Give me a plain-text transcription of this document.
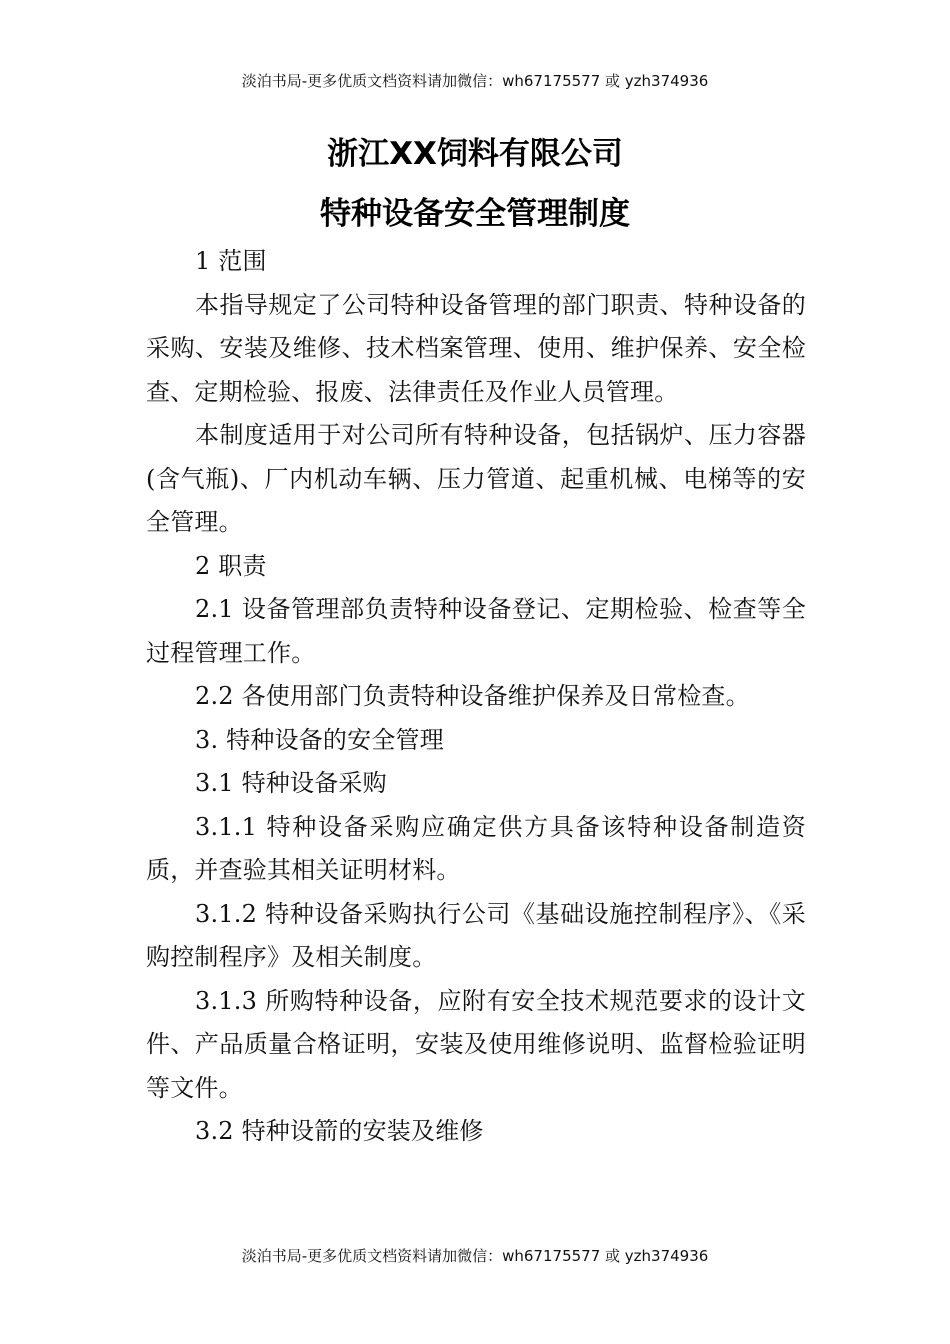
淡泊书局-更多优质文档资料请加微信：wh67175577 或 yzh374936
浙江XX饲料有限公司
特种设备安全管理制度

1 范围

本指导规定了公司特种设备管理的部门职责、特种设备的采购、安装及维修、技术档案管理、使用、维护保养、安全检查、定期检验、报废、法律责任及作业人员管理。

本制度适用于对公司所有特种设备，包括锅炉、压力容器(含气瓶)、厂内机动车辆、压力管道、起重机械、电梯等的安全管理。

2 职责

2.1 设备管理部负责特种设备登记、定期检验、检查等全过程管理工作。

2.2 各使用部门负责特种设备维护保养及日常检查。

3. 特种设备的安全管理

3.1 特种设备采购

3.1.1 特种设备采购应确定供方具备该特种设备制造资质，并查验其相关证明材料。

3.1.2 特种设备采购执行公司《基础设施控制程序》、《采购控制程序》及相关制度。

3.1.3 所购特种设备，应附有安全技术规范要求的设计文件、产品质量合格证明，安装及使用维修说明、监督检验证明等文件。

3.2 特种设箭的安装及维修

淡泊书局-更多优质文档资料请加微信：wh67175577 或 yzh374936
